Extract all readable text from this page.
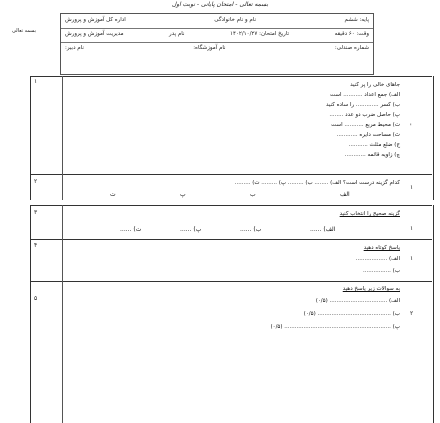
بسمه تعالی - امتحان پایانی - نوبت اول
پایه: ششم
نام و نام خانوادگی
اداره کل آموزش و پرورش
وقت: ۶۰ دقیقه
تاریخ امتحان: ۱۴۰۲/۱۰/۲۷
نام پدر
مدیریت آموزش و پرورش
شماره صندلی:
نام آموزشگاه:
نام دبیر:
بسمه تعالی
۱	جاهای خالی را پر کنید
الف) جمع اعداد ........... است
ب) کسر ............. را ساده کنید
پ) حاصل ضرب دو عدد ........
ت) محیط مربع ........... است
ث) مساحت دایره ............
ج) ضلع مثلث ...........
چ) زاویه قائمه ............
'
۲	کدام گزینه درست است؟ الف) ........ ب) ......... پ) ......... ت) .........
۱
ت	پ	ب	الف
۳	گزینه صحیح را انتخاب کنید
۱
ت) ......	پ) ......	ب) ......	الف) ......
۴	پاسخ کوتاه دهید
الف) ..................
ب) ................
۱
۵
به سوالات زیر پاسخ دهید
الف) ................................. (۰/۵)
ب) .......................................... (۰/۵)
پ) ............................................................. (۰/۵)
۲
